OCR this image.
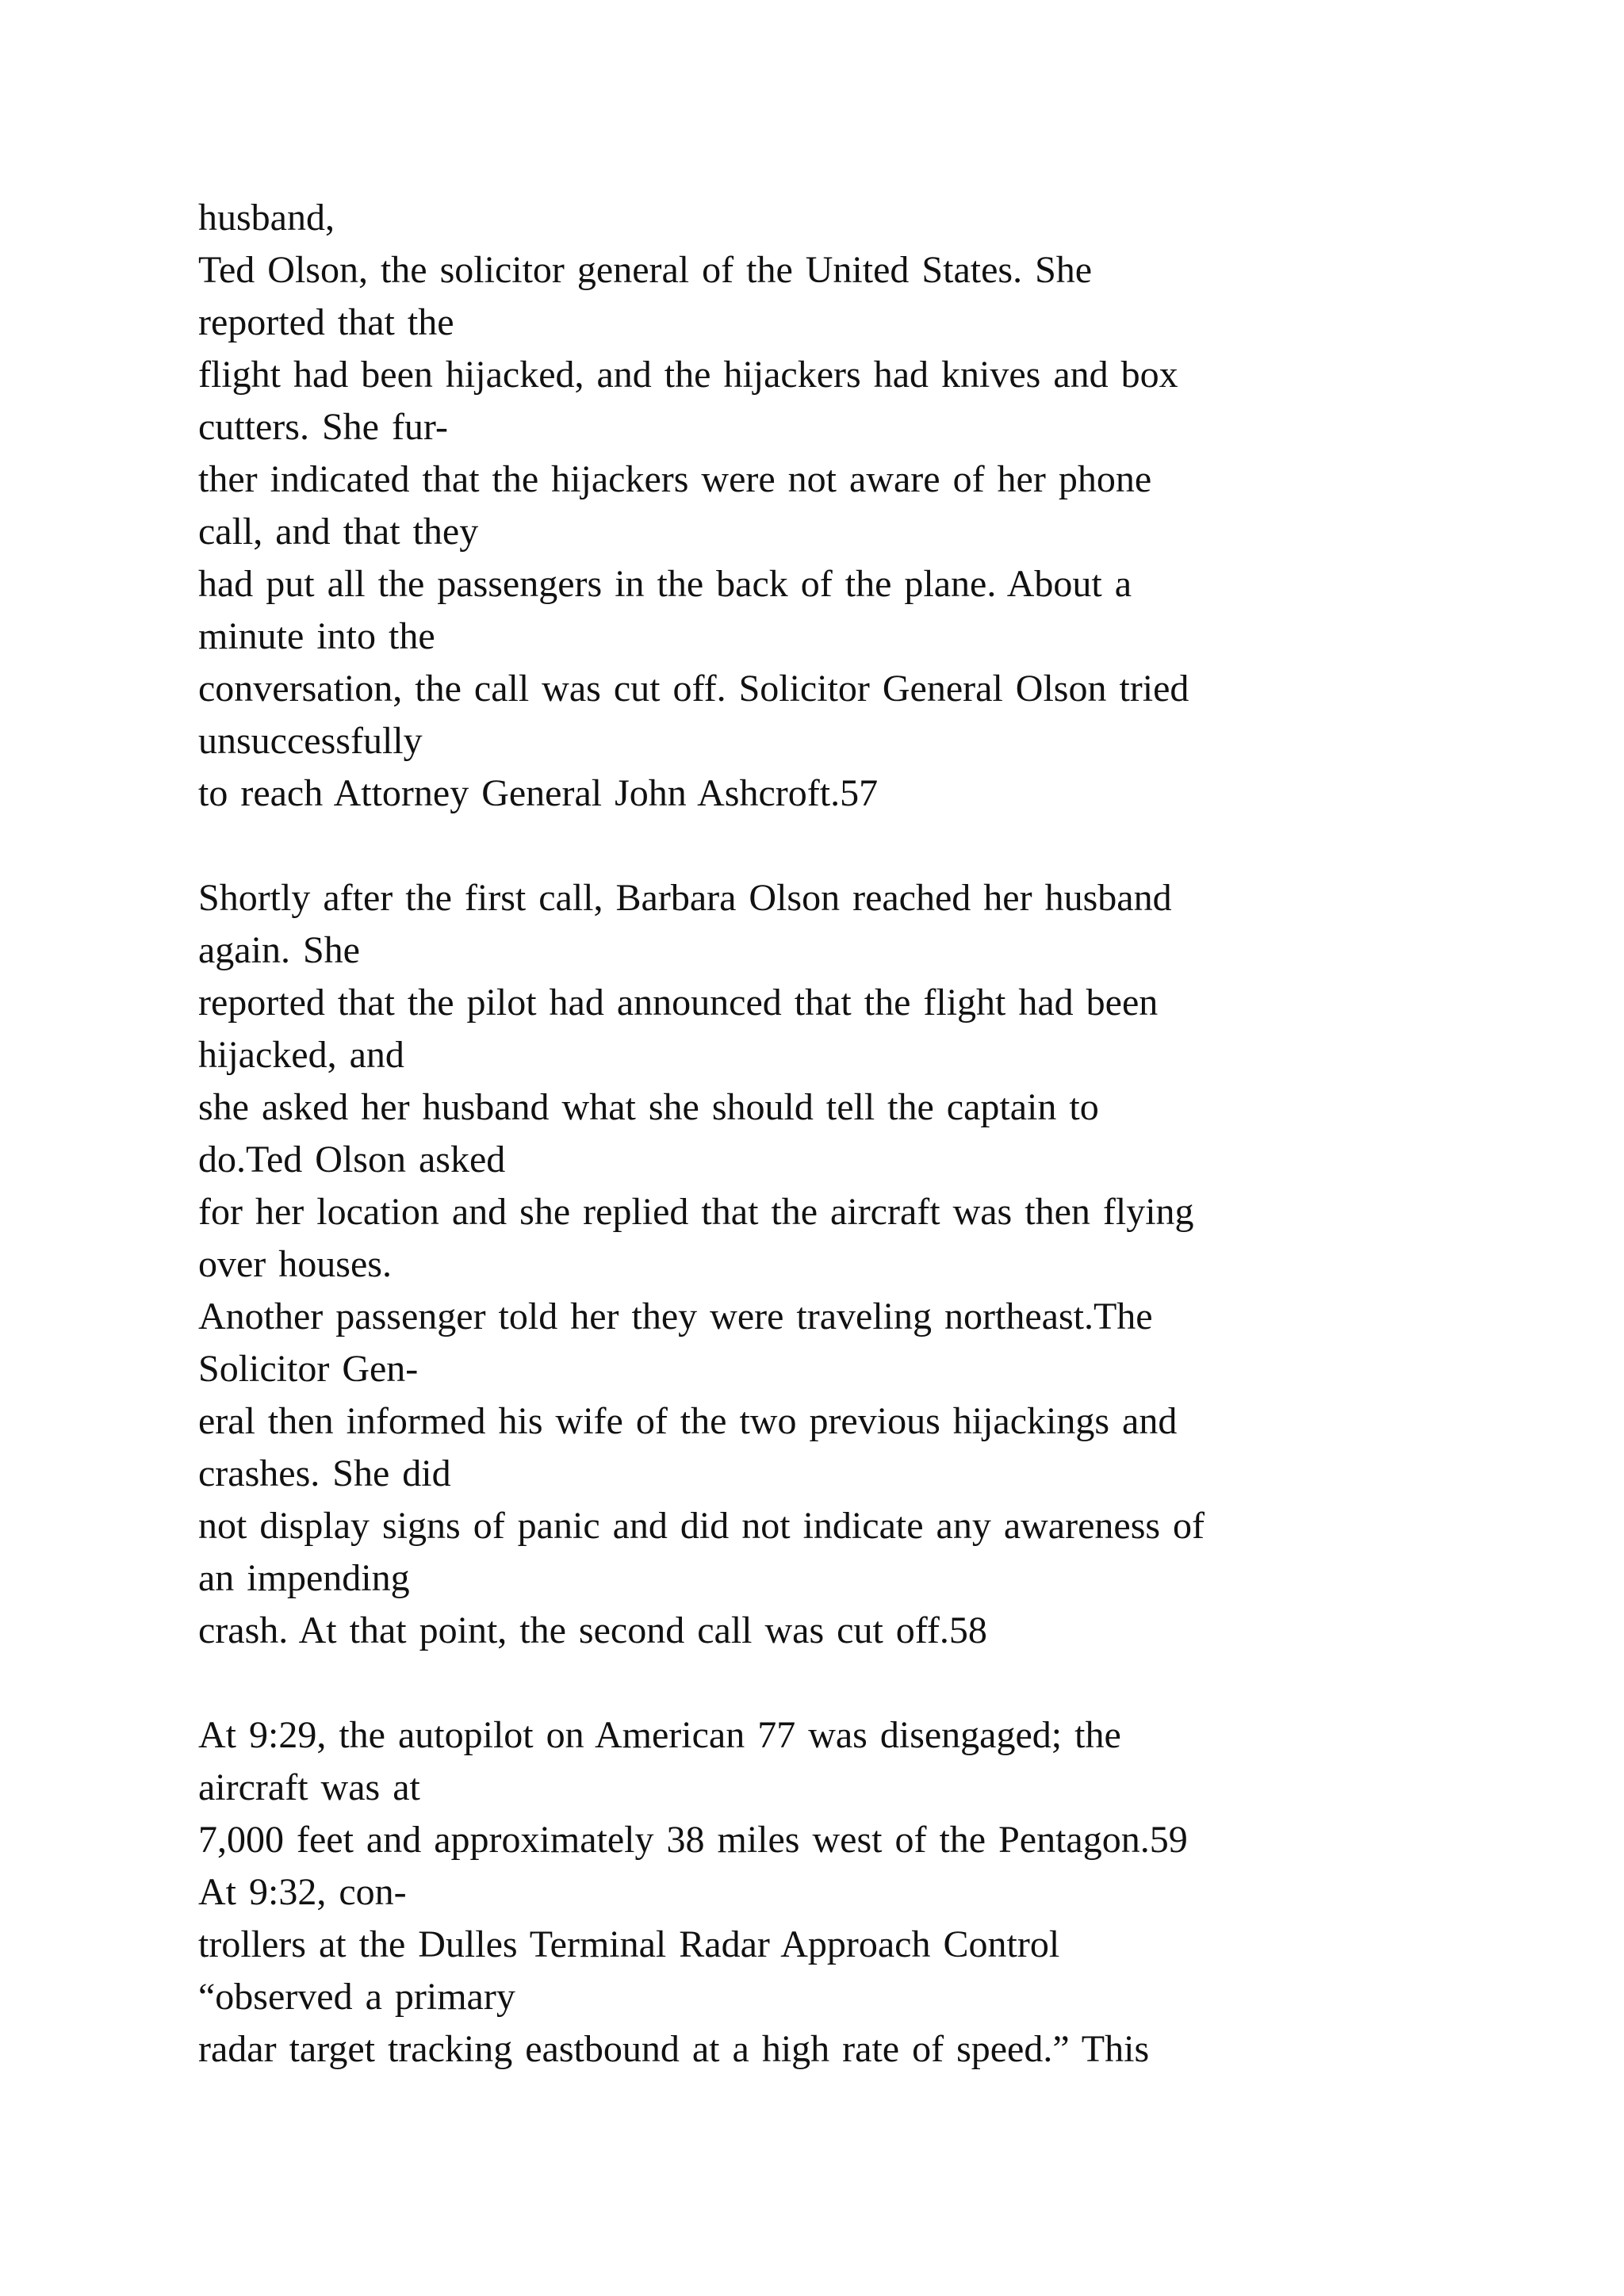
husband,
Ted Olson, the solicitor general of the United States. She
reported that the
flight had been hijacked, and the hijackers had knives and box
cutters. She fur-
ther indicated that the hijackers were not aware of her phone
call, and that they
had put all the passengers in the back of the plane. About a
minute into the
conversation, the call was cut off. Solicitor General Olson tried
unsuccessfully
to reach Attorney General John Ashcroft.57
Shortly after the first call, Barbara Olson reached her husband
again. She
reported that the pilot had announced that the flight had been
hijacked, and
she asked her husband what she should tell the captain to
do.Ted Olson asked
for her location and she replied that the aircraft was then flying
over houses.
Another passenger told her they were traveling northeast.The
Solicitor Gen-
eral then informed his wife of the two previous hijackings and
crashes. She did
not display signs of panic and did not indicate any awareness of
an impending
crash. At that point, the second call was cut off.58
At 9:29, the autopilot on American 77 was disengaged; the
aircraft was at
7,000 feet and approximately 38 miles west of the Pentagon.59
At 9:32, con-
trollers at the Dulles Terminal Radar Approach Control
“observed a primary
radar target tracking eastbound at a high rate of speed.” This
